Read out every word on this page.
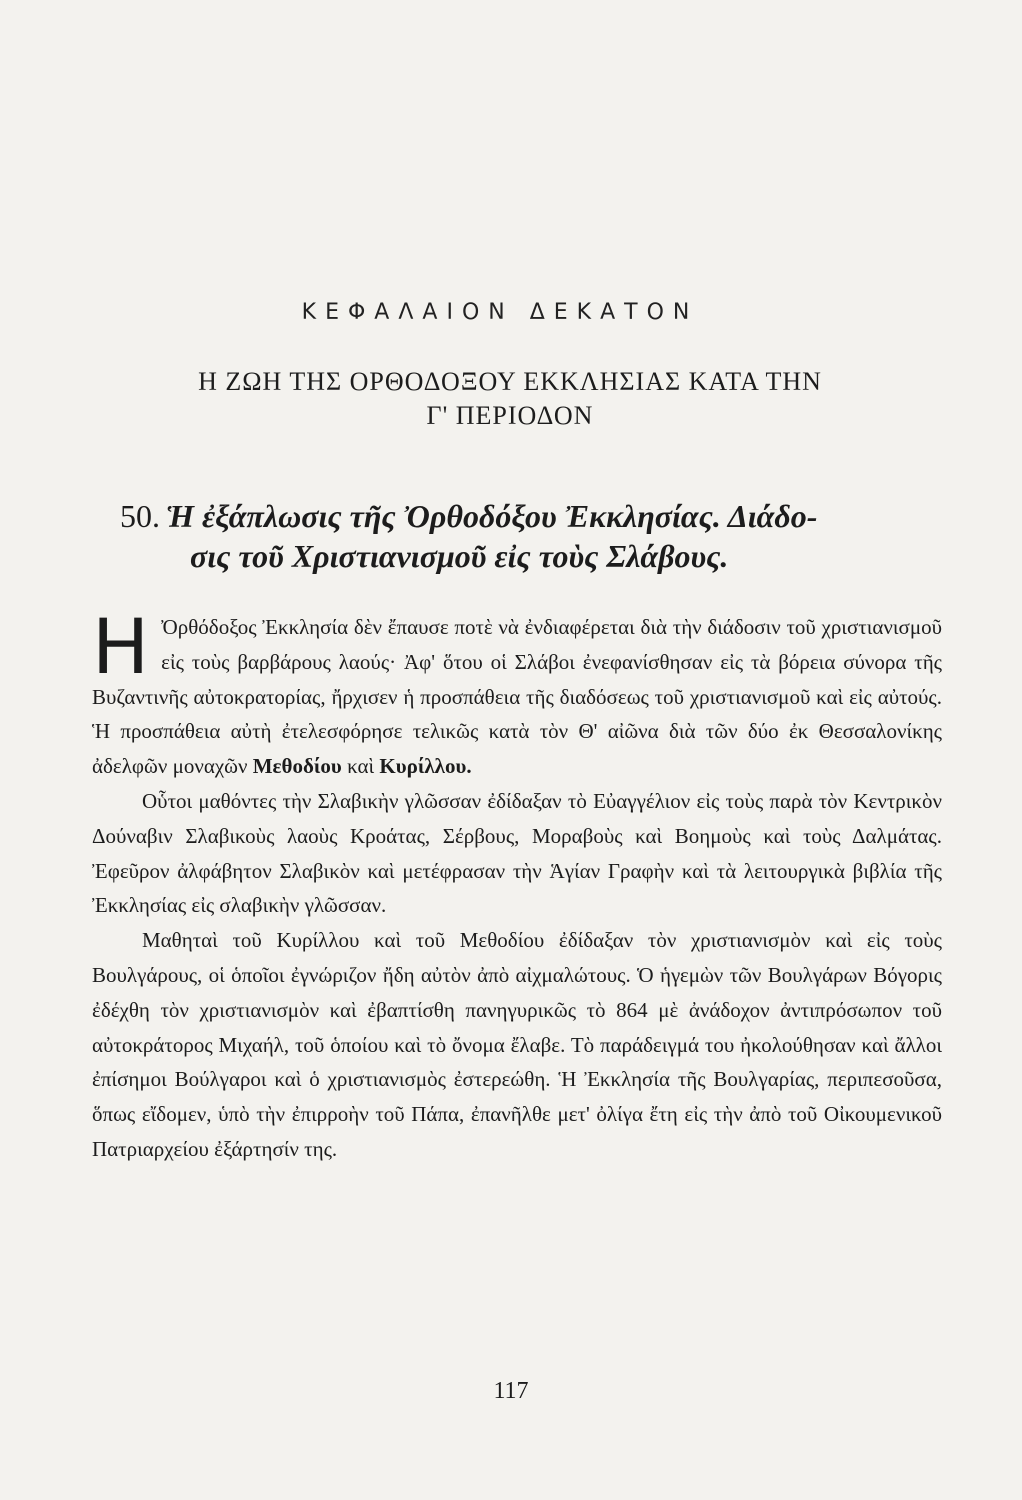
ΚΕΦΑΛΑΙΟΝ ΔΕΚΑΤΟΝ
Η ΖΩΗ ΤΗΣ ΟΡΘΟΔΟΞΟΥ ΕΚΚΛΗΣΙΑΣ ΚΑΤΑ ΤΗΝ
Γ' ΠΕΡΙΟΔΟΝ
50. Ἡ ἐξάπλωσις τῆς Ὀρθοδόξου Ἐκκλησίας. Διάδο-
σις τοῦ Χριστιανισμοῦ εἰς τοὺς Σλάβους.

Η Ὀρθόδοξος Ἐκκλησία δὲν ἔπαυσε ποτὲ νὰ ἐνδιαφέρεται διὰ τὴν διάδοσιν τοῦ χριστιανισμοῦ εἰς τοὺς βαρβάρους λαούς· Ἀφ' ὅτου οἱ Σλάβοι ἐνεφανίσθησαν εἰς τὰ βόρεια σύνορα τῆς Βυζαντινῆς αὐτοκρατορίας, ἤρχισεν ἡ προσπάθεια τῆς διαδόσεως τοῦ χριστιανισμοῦ καὶ εἰς αὐτούς. Ἡ προσπάθεια αὐτὴ ἐτελεσφόρησε τελικῶς κατὰ τὸν Θ' αἰῶνα διὰ τῶν δύο ἐκ Θεσσαλονίκης ἀδελφῶν μοναχῶν Μεθοδίου καὶ Κυρίλλου.

Οὗτοι μαθόντες τὴν Σλαβικὴν γλῶσσαν ἐδίδαξαν τὸ Εὐαγγέλιον εἰς τοὺς παρὰ τὸν Κεντρικὸν Δούναβιν Σλαβικοὺς λαοὺς Κροάτας, Σέρβους, Μοραβοὺς καὶ Βοημοὺς καὶ τοὺς Δαλμάτας. Ἐφεῦρον ἀλφάβητον Σλαβικὸν καὶ μετέφρασαν τὴν Ἁγίαν Γραφὴν καὶ τὰ λειτουργικὰ βιβλία τῆς Ἐκκλησίας εἰς σλαβικὴν γλῶσσαν.

Μαθηταὶ τοῦ Κυρίλλου καὶ τοῦ Μεθοδίου ἐδίδαξαν τὸν χριστιανισμὸν καὶ εἰς τοὺς Βουλγάρους, οἱ ὁποῖοι ἐγνώριζον ἤδη αὐτὸν ἀπὸ αἰχμαλώτους. Ὁ ἡγεμὼν τῶν Βουλγάρων Βόγορις ἐδέχθη τὸν χριστιανισμὸν καὶ ἐβαπτίσθη πανηγυρικῶς τὸ 864 μὲ ἀνάδοχον ἀντιπρόσωπον τοῦ αὐτοκράτορος Μιχαήλ, τοῦ ὁποίου καὶ τὸ ὄνομα ἔλαβε. Τὸ παράδειγμά του ἠκολούθησαν καὶ ἄλλοι ἐπίσημοι Βούλγαροι καὶ ὁ χριστιανισμὸς ἐστερεώθη. Ἡ Ἐκκλησία τῆς Βουλγαρίας, περιπεσοῦσα, ὅπως εἴδομεν, ὑπὸ τὴν ἐπιρροὴν τοῦ Πάπα, ἐπανῆλθε μετ' ὀλίγα ἔτη εἰς τὴν ἀπὸ τοῦ Οἰκουμενικοῦ Πατριαρχείου ἐξάρτησίν της.

117
